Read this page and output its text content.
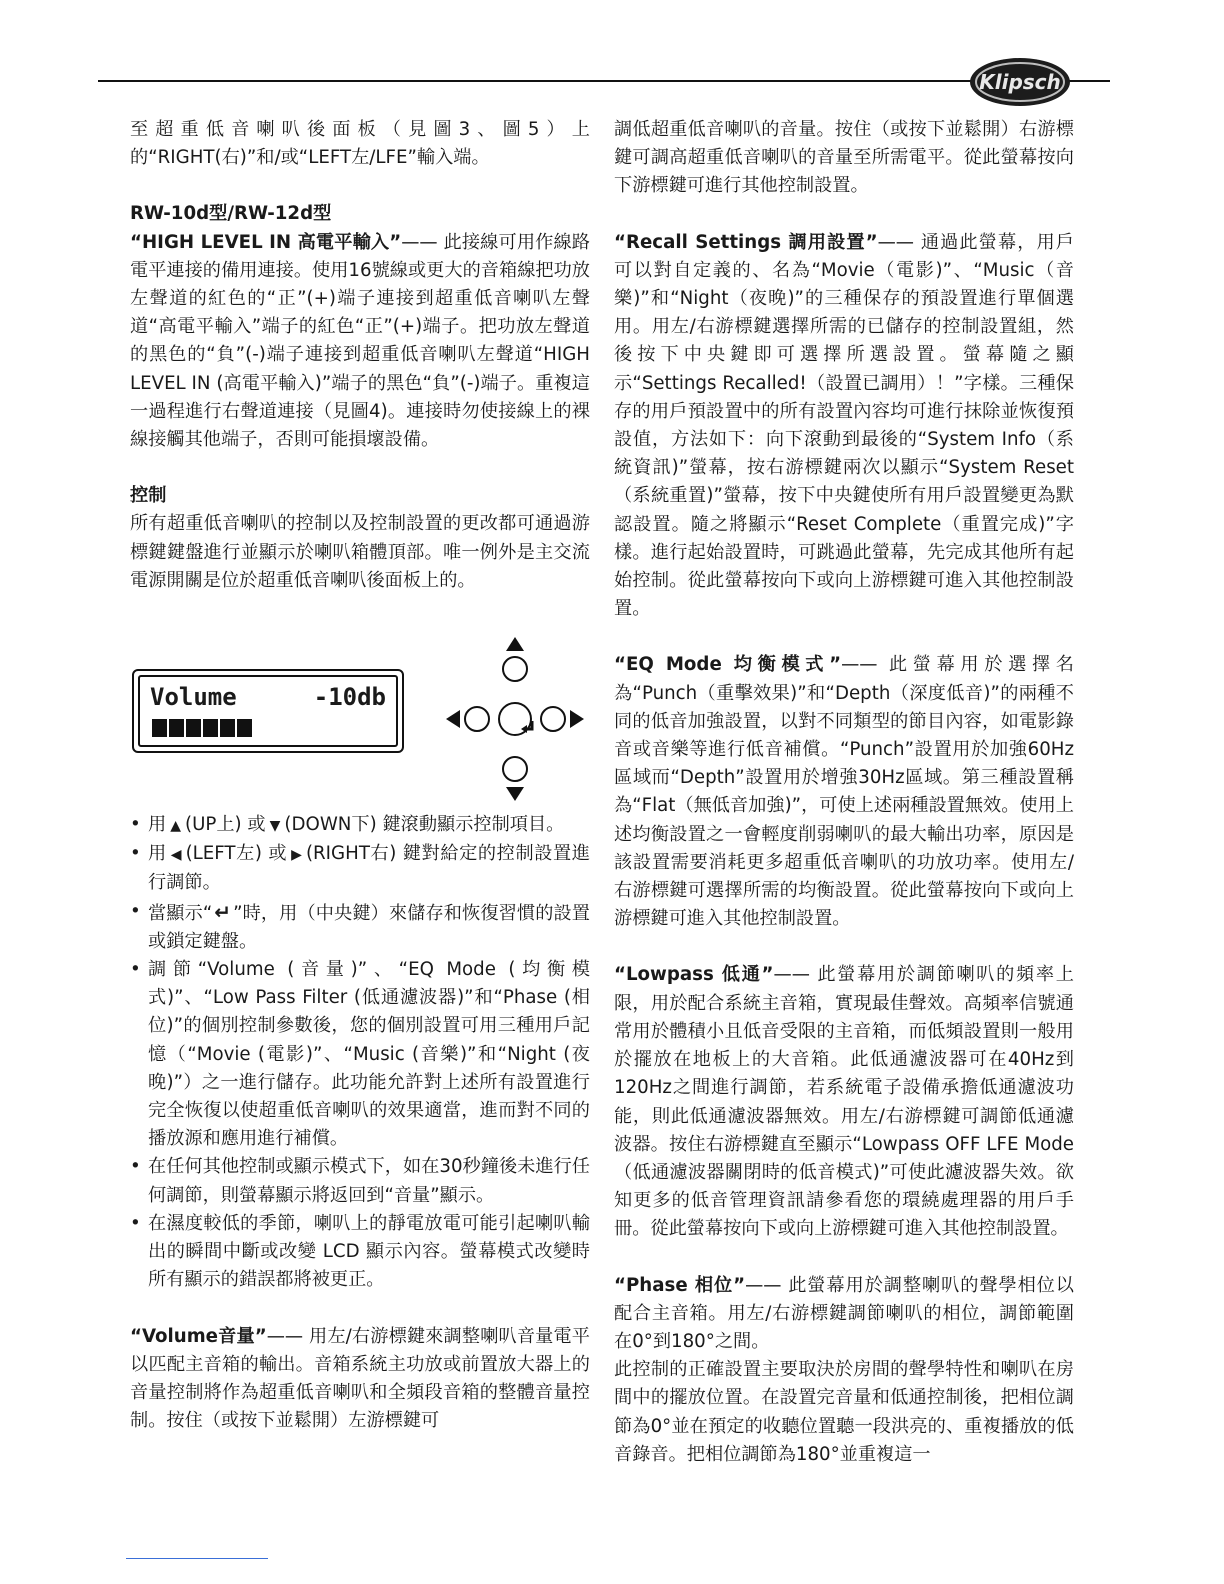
Klipsch

至超重低音喇叭後面板（見圖3、圖5）上的“RIGHT(右)”和/或“LEFT左/LFE”輸入端。

RW-10d型/RW-12d型

“HIGH LEVEL IN 高電平輸入”—— 此接線可用作線路電平連接的備用連接。使用16號線或更大的音箱線把功放左聲道的紅色的“正”(+)端子連接到超重低音喇叭左聲道“高電平輸入”端子的紅色“正”(+)端子。把功放左聲道的黑色的“負”(-)端子連接到超重低音喇叭左聲道“HIGH LEVEL IN (高電平輸入)”端子的黑色“負”(-)端子。重複這一過程進行右聲道連接（見圖4)。連接時勿使接線上的裸線接觸其他端子，否則可能損壞設備。

控制

所有超重低音喇叭的控制以及控制設置的更改都可通過游標鍵鍵盤進行並顯示於喇叭箱體頂部。唯一例外是主交流電源開關是位於超重低音喇叭後面板上的。

Volume	-10db
• 用 ▲ (UP上) 或 ▼ (DOWN下) 鍵滾動顯示控制項目。
• 用 ◀ (LEFT左) 或 ▶ (RIGHT右) 鍵對給定的控制設置進行調節。
• 當顯示“ ↵ ”時，用（中央鍵）來儲存和恢復習慣的設置或鎖定鍵盤。
• 調節“Volume (音量)”、“EQ Mode (均衡模式)”、“Low Pass Filter (低通濾波器)”和“Phase (相位)”的個別控制參數後，您的個別設置可用三種用戶記憶（“Movie (電影)”、“Music (音樂)”和“Night (夜晚)”）之一進行儲存。此功能允許對上述所有設置進行完全恢復以使超重低音喇叭的效果適當，進而對不同的播放源和應用進行補償。
• 在任何其他控制或顯示模式下，如在30秒鐘後未進行任何調節，則螢幕顯示將返回到“音量”顯示。
• 在濕度較低的季節，喇叭上的靜電放電可能引起喇叭輸出的瞬間中斷或改變 LCD 顯示內容。螢幕模式改變時所有顯示的錯誤都將被更正。

“Volume音量”—— 用左/右游標鍵來調整喇叭音量電平以匹配主音箱的輸出。音箱系統主功放或前置放大器上的音量控制將作為超重低音喇叭和全頻段音箱的整體音量控制。按住（或按下並鬆開）左游標鍵可

調低超重低音喇叭的音量。按住（或按下並鬆開）右游標鍵可調高超重低音喇叭的音量至所需電平。從此螢幕按向下游標鍵可進行其他控制設置。

“Recall Settings 調用設置”—— 通過此螢幕，用戶可以對自定義的、名為“Movie（電影)”、“Music（音樂)”和“Night（夜晚)”的三種保存的預設置進行單個選用。用左/右游標鍵選擇所需的已儲存的控制設置組，然後按下中央鍵即可選擇所選設置。螢幕隨之顯示“Settings Recalled!（設置已調用）！”字樣。三種保存的用戶預設置中的所有設置內容均可進行抹除並恢復預設值，方法如下：向下滾動到最後的“System Info（系統資訊)”螢幕，按右游標鍵兩次以顯示“System Reset（系統重置)”螢幕，按下中央鍵使所有用戶設置變更為默認設置。隨之將顯示“Reset Complete（重置完成)”字樣。進行起始設置時，可跳過此螢幕，先完成其他所有起始控制。從此螢幕按向下或向上游標鍵可進入其他控制設置。

“EQ Mode 均衡模式”—— 此螢幕用於選擇名為“Punch（重擊效果)”和“Depth（深度低音)”的兩種不同的低音加強設置，以對不同類型的節目內容，如電影錄音或音樂等進行低音補償。“Punch”設置用於加強60Hz區域而“Depth”設置用於增強30Hz區域。第三種設置稱為“Flat（無低音加強)”，可使上述兩種設置無效。使用上述均衡設置之一會輕度削弱喇叭的最大輸出功率，原因是該設置需要消耗更多超重低音喇叭的功放功率。使用左/右游標鍵可選擇所需的均衡設置。從此螢幕按向下或向上游標鍵可進入其他控制設置。

“Lowpass 低通”—— 此螢幕用於調節喇叭的頻率上限，用於配合系統主音箱，實現最佳聲效。高頻率信號通常用於體積小且低音受限的主音箱，而低頻設置則一般用於擺放在地板上的大音箱。此低通濾波器可在40Hz到120Hz之間進行調節，若系統電子設備承擔低通濾波功能，則此低通濾波器無效。用左/右游標鍵可調節低通濾波器。按住右游標鍵直至顯示“Lowpass OFF LFE Mode（低通濾波器關閉時的低音模式)”可使此濾波器失效。欲知更多的低音管理資訊請參看您的環繞處理器的用戶手冊。從此螢幕按向下或向上游標鍵可進入其他控制設置。

“Phase 相位”—— 此螢幕用於調整喇叭的聲學相位以配合主音箱。用左/右游標鍵調節喇叭的相位，調節範圍在0°到180°之間。

此控制的正確設置主要取決於房間的聲學特性和喇叭在房間中的擺放位置。在設置完音量和低通控制後，把相位調節為0°並在預定的收聽位置聽一段洪亮的、重複播放的低音錄音。把相位調節為180°並重複這一
